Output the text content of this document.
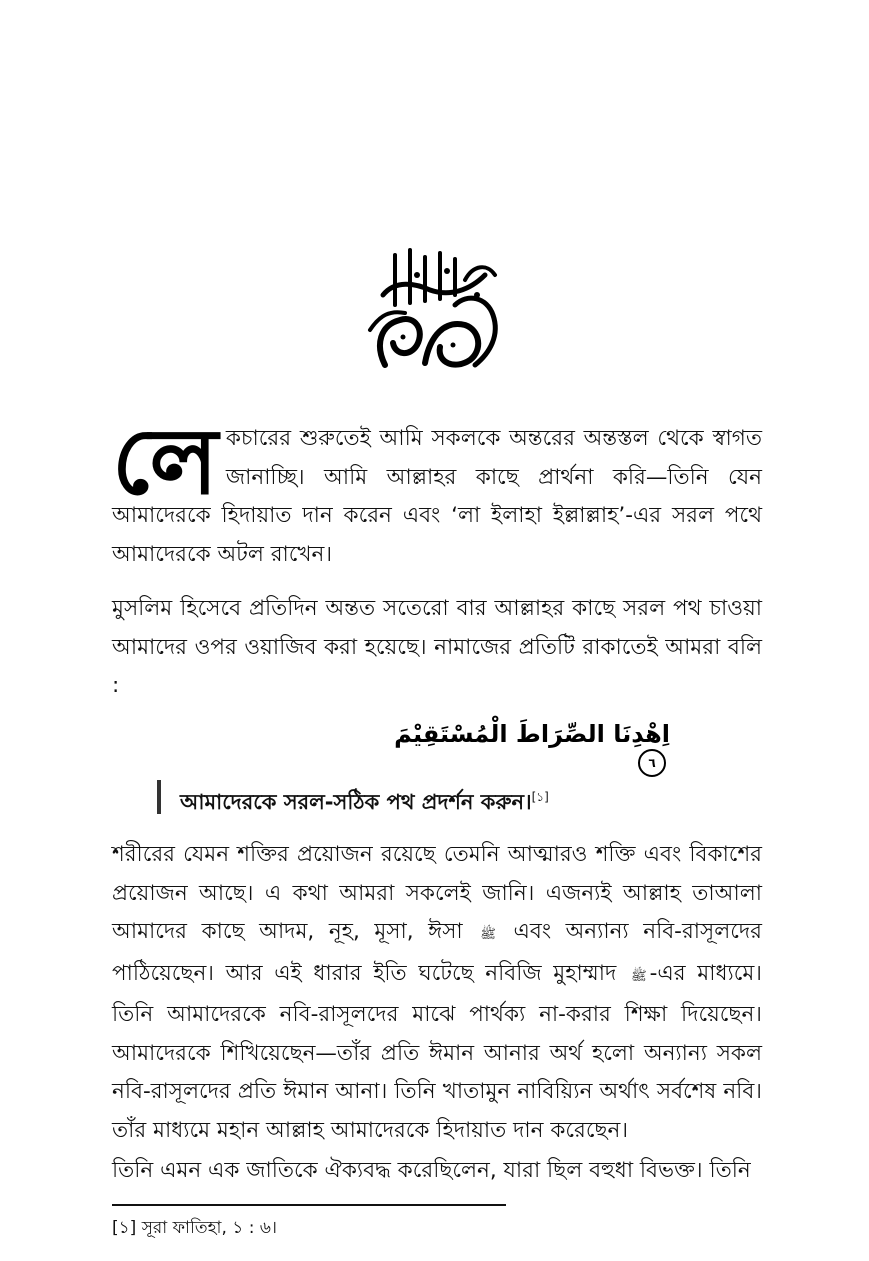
صلى الله عليه وسلم
লে কচারের শুরুতেই আমি সকলকে অন্তরের অন্তস্তল থেকে স্বাগত জানাচ্ছি। আমি আল্লাহর কাছে প্রার্থনা করি—তিনি যেন আমাদেরকে হিদায়াত দান করেন এবং ‘লা ইলাহা ইল্লাল্লাহ’-এর সরল পথে আমাদেরকে অটল রাখেন।
মুসলিম হিসেবে প্রতিদিন অন্তত সতেরো বার আল্লাহর কাছে সরল পথ চাওয়া আমাদের ওপর ওয়াজিব করা হয়েছে। নামাজের প্রতিটি রাকাতেই আমরা বলি :
اِهْدِنَا الصِّرَاطَ الْمُسْتَقِيْمَ ٦
আমাদেরকে সরল-সঠিক পথ প্রদর্শন করুন।[১]
শরীরের যেমন শক্তির প্রয়োজন রয়েছে তেমনি আত্মারও শক্তি এবং বিকাশের প্রয়োজন আছে। এ কথা আমরা সকলেই জানি। এজন্যই আল্লাহ তাআলা আমাদের কাছে আদম, নূহ, মূসা, ঈসা ﷺ এবং অন্যান্য নবি-রাসূলদের পাঠিয়েছেন। আর এই ধারার ইতি ঘটেছে নবিজি মুহাম্মাদ ﷺ -এর মাধ্যমে। তিনি আমাদেরকে নবি-রাসূলদের মাঝে পার্থক্য না-করার শিক্ষা দিয়েছেন। আমাদেরকে শিখিয়েছেন—তাঁর প্রতি ঈমান আনার অর্থ হলো অন্যান্য সকল নবি-রাসূলদের প্রতি ঈমান আনা। তিনি খাতামুন নাবিয়্যিন অর্থাৎ সর্বশেষ নবি। তাঁর মাধ্যমে মহান আল্লাহ আমাদেরকে হিদায়াত দান করেছেন।
তিনি এমন এক জাতিকে ঐক্যবদ্ধ করেছিলেন, যারা ছিল বহুধা বিভক্ত। তিনি
[১] সূরা ফাতিহা, ১ : ৬।
